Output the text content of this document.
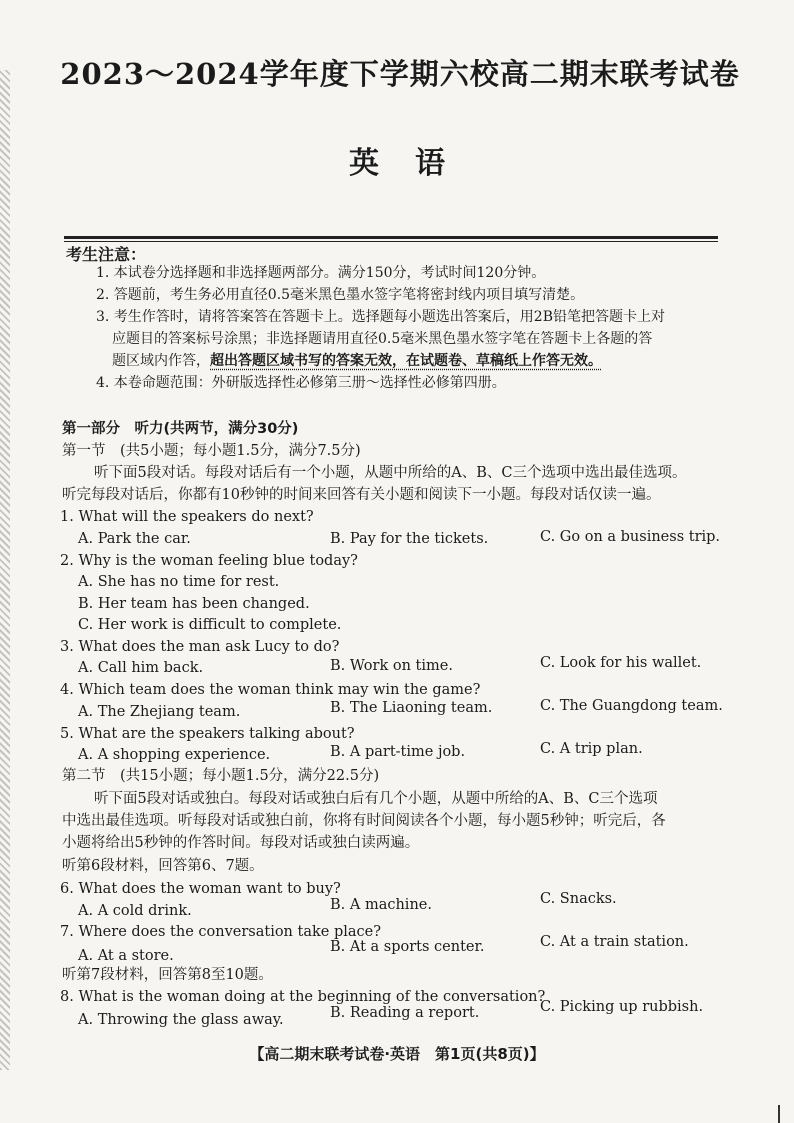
2023～2024学年度下学期六校高二期末联考试卷
英语
考生注意：
1. 本试卷分选择题和非选择题两部分。满分150分，考试时间120分钟。
2. 答题前，考生务必用直径0.5毫米黑色墨水签字笔将密封线内项目填写清楚。
3. 考生作答时，请将答案答在答题卡上。选择题每小题选出答案后，用2B铅笔把答题卡上对
应题目的答案标号涂黑；非选择题请用直径0.5毫米黑色墨水签字笔在答题卡上各题的答
题区域内作答，超出答题区域书写的答案无效，在试题卷、草稿纸上作答无效。
4. 本卷命题范围：外研版选择性必修第三册～选择性必修第四册。
第一部分　听力(共两节，满分30分)
第一节　(共5小题；每小题1.5分，满分7.5分)
听下面5段对话。每段对话后有一个小题，从题中所给的A、B、C三个选项中选出最佳选项。
听完每段对话后，你都有10秒钟的时间来回答有关小题和阅读下一小题。每段对话仅读一遍。
1. What will the speakers do next?
A. Park the car.	B. Pay for the tickets.	C. Go on a business trip.
2. Why is the woman feeling blue today?
A. She has no time for rest.
B. Her team has been changed.
C. Her work is difficult to complete.
3. What does the man ask Lucy to do?
A. Call him back.	B. Work on time.	C. Look for his wallet.
4. Which team does the woman think may win the game?
A. The Zhejiang team.	B. The Liaoning team.	C. The Guangdong team.
5. What are the speakers talking about?
A. A shopping experience.	B. A part-time job.	C. A trip plan.
第二节　(共15小题；每小题1.5分，满分22.5分)
听下面5段对话或独白。每段对话或独白后有几个小题，从题中所给的A、B、C三个选项
中选出最佳选项。听每段对话或独白前，你将有时间阅读各个小题，每小题5秒钟；听完后，各
小题将给出5秒钟的作答时间。每段对话或独白读两遍。
听第6段材料，回答第6、7题。
6. What does the woman want to buy?
A. A cold drink.	B. A machine.	C. Snacks.
7. Where does the conversation take place?
A. At a store.
B. At a sports center.	C. At a train station.
听第7段材料，回答第8至10题。
8. What is the woman doing at the beginning of the conversation?
A. Throwing the glass away.	B. Reading a report.	C. Picking up rubbish.
【高二期末联考试卷·英语　第1页(共8页)】
